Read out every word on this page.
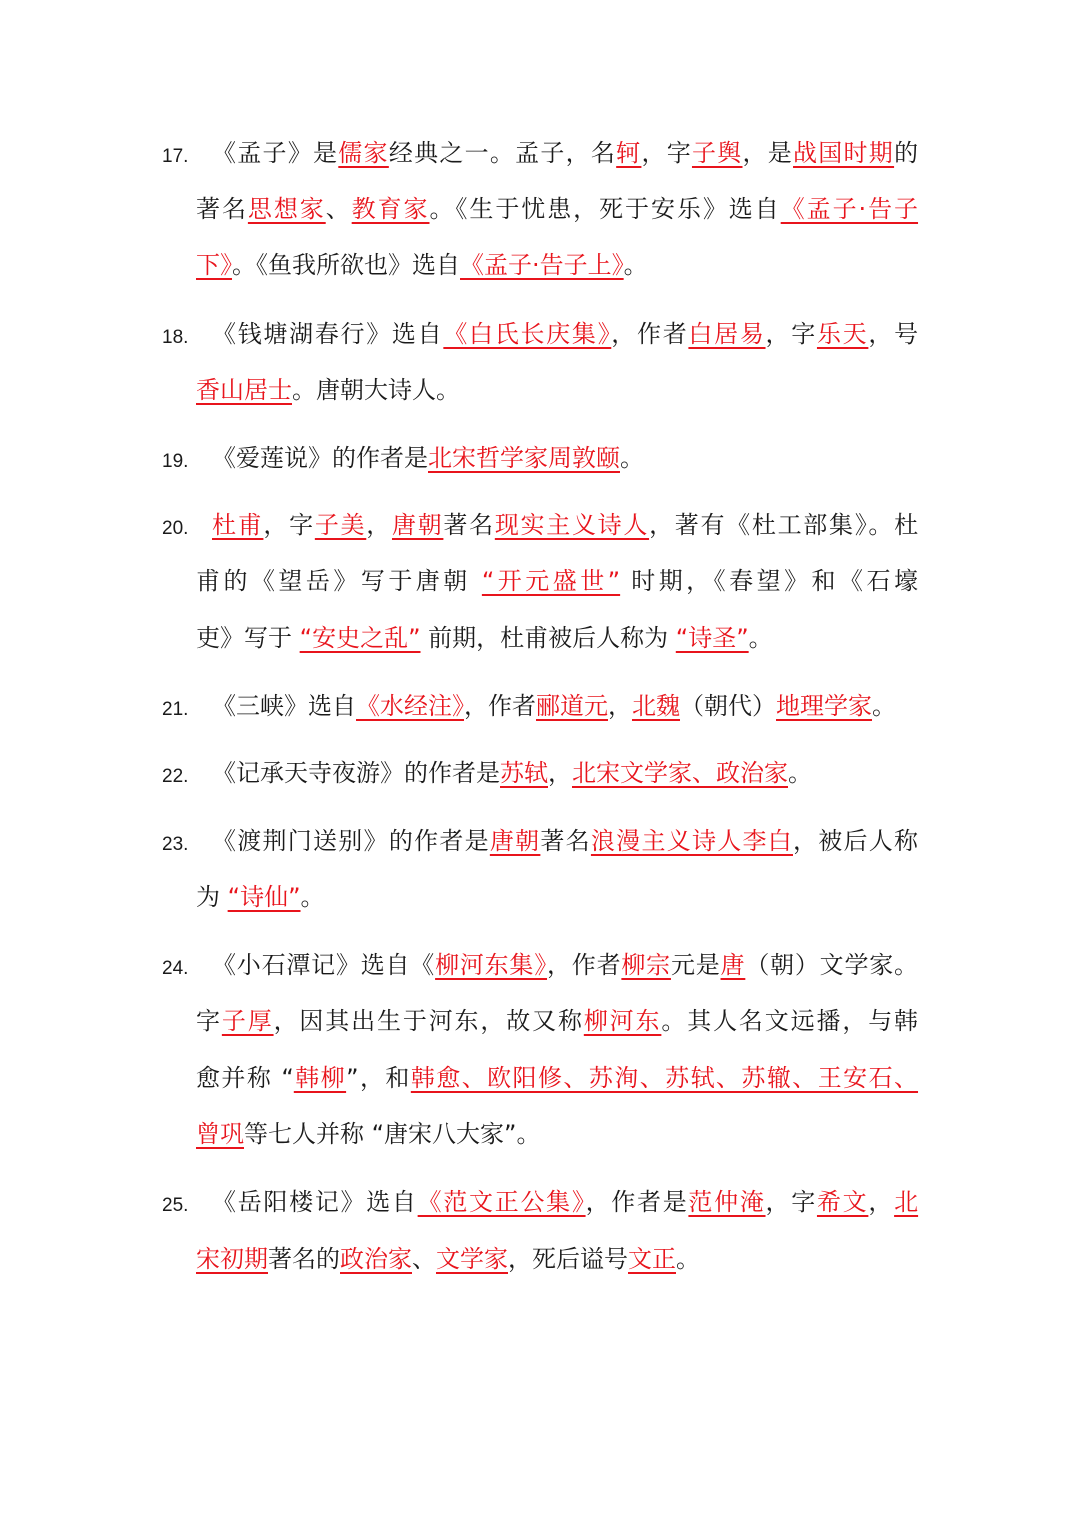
17. 《孟子》是儒家经典之一。孟子，名轲，字子舆，是战国时期的
著名思想家、教育家。《生于忧患，死于安乐》选自《孟子·告子
下》。《鱼我所欲也》选自《孟子·告子上》。
18. 《钱塘湖春行》选自《白氏长庆集》，作者白居易，字乐天，号
香山居士。唐朝大诗人。
19. 《爱莲说》的作者是北宋哲学家周敦颐。
20. 杜甫，字子美，唐朝著名现实主义诗人，著有《杜工部集》。杜
甫的《望岳》写于唐朝 “开元盛世” 时期，《春望》和《石壕
吏》写于 “安史之乱” 前期，杜甫被后人称为 “诗圣”。
21. 《三峡》选自《水经注》，作者郦道元，北魏（朝代）地理学家。
22. 《记承天寺夜游》的作者是苏轼，北宋文学家、政治家。
23. 《渡荆门送别》的作者是唐朝著名浪漫主义诗人李白，被后人称
为 “诗仙”。
24. 《小石潭记》选自《柳河东集》，作者柳宗元是唐（朝）文学家。
字子厚，因其出生于河东，故又称柳河东。其人名文远播，与韩
愈并称 “韩柳”，和韩愈、欧阳修、苏洵、苏轼、苏辙、王安石、
曾巩等七人并称 “唐宋八大家”。
25. 《岳阳楼记》选自《范文正公集》，作者是范仲淹，字希文，北
宋初期著名的政治家、文学家，死后谥号文正。
